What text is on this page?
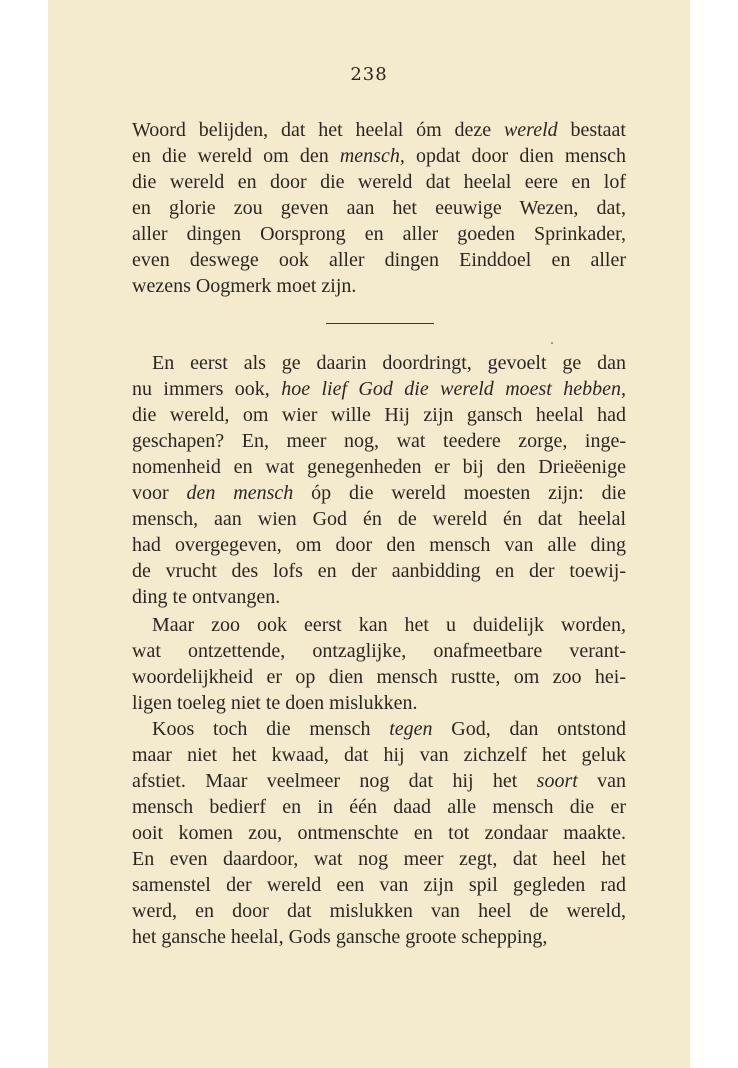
238
Woord belijden, dat het heelal óm deze wereld bestaat
en die wereld om den mensch, opdat door dien mensch
die wereld en door die wereld dat heelal eere en lof
en glorie zou geven aan het eeuwige Wezen, dat,
aller dingen Oorsprong en aller goeden Sprinkader,
even deswege ook aller dingen Einddoel en aller
wezens Oogmerk moet zijn.
En eerst als ge daarin doordringt, gevoelt ge dan
nu immers ook, hoe lief God die wereld moest hebben,
die wereld, om wier wille Hij zijn gansch heelal had
geschapen? En, meer nog, wat teedere zorge, inge-
nomenheid en wat genegenheden er bij den Drieëenige
voor den mensch óp die wereld moesten zijn: die
mensch, aan wien God én de wereld én dat heelal
had overgegeven, om door den mensch van alle ding
de vrucht des lofs en der aanbidding en der toewij-
ding te ontvangen.
Maar zoo ook eerst kan het u duidelijk worden,
wat ontzettende, ontzaglijke, onafmeetbare verant-
woordelijkheid er op dien mensch rustte, om zoo hei-
ligen toeleg niet te doen mislukken.
Koos toch die mensch tegen God, dan ontstond
maar niet het kwaad, dat hij van zichzelf het geluk
afstiet. Maar veelmeer nog dat hij het soort van
mensch bedierf en in één daad alle mensch die er
ooit komen zou, ontmenschte en tot zondaar maakte.
En even daardoor, wat nog meer zegt, dat heel het
samenstel der wereld een van zijn spil gegleden rad
werd, en door dat mislukken van heel de wereld,
het gansche heelal, Gods gansche groote schepping,
